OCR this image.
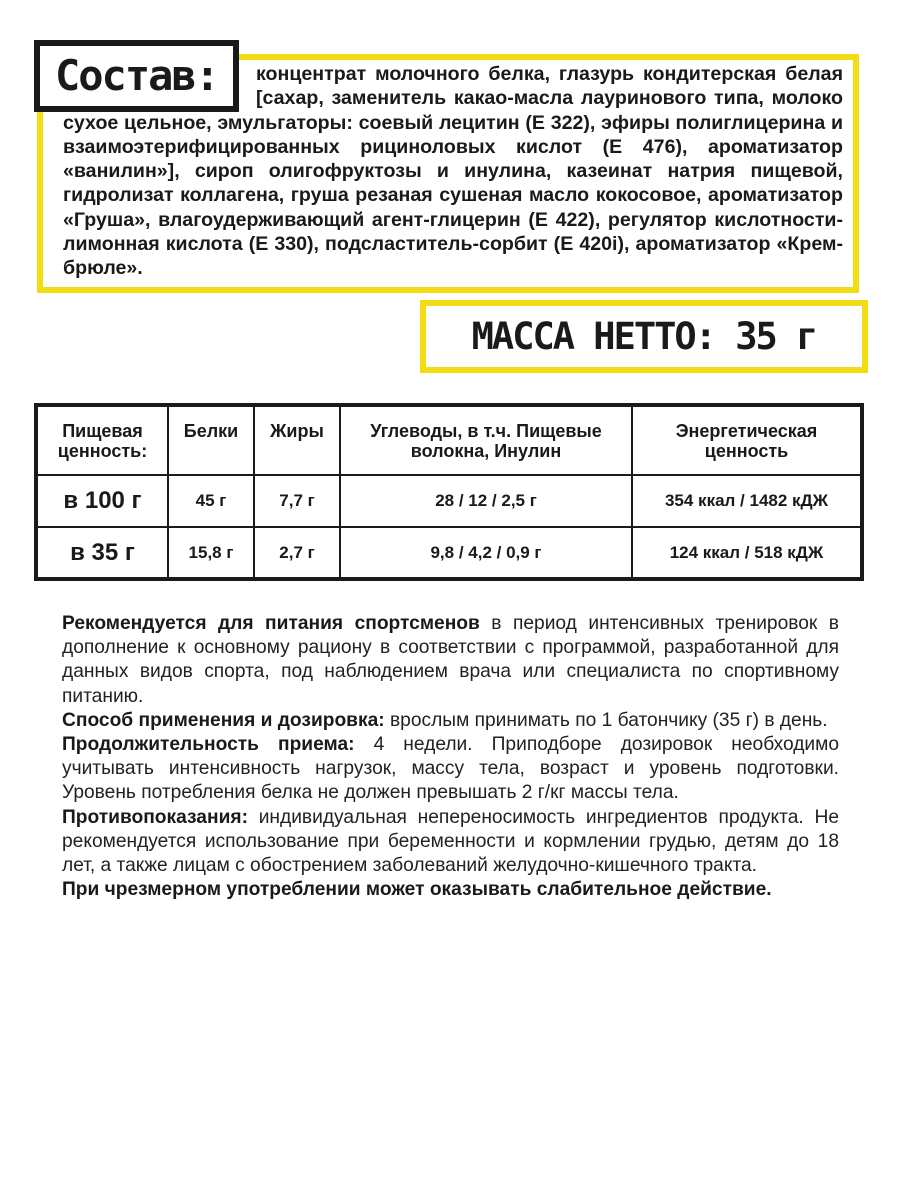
Состав:	концентрат молочного белка, глазурь кондитерская белая [сахар, заменитель какао-масла лауринового типа, молоко сухое цельное, эмульгаторы: соевый лецитин (Е 322), эфиры полиглицерина и взаимоэтерифицированных рициноловых кислот (Е 476), ароматизатор «ванилин»], сироп олигофруктозы и инулина, казеинат натрия пищевой, гидролизат коллагена, груша резаная сушеная масло кокосовое, ароматизатор «Груша», влагоудерживающий агент-глицерин (Е 422), регулятор кислотности-лимонная кислота (Е 330), подсластитель-сорбит (Е 420i), ароматизатор «Крем-брюле».
МАССА НЕТТО: 35 г
Пищевая ценность:	Белки	Жиры	Углеводы, в т.ч. Пищевые волокна, Инулин	Энергетическая ценность
в 100 г	45 г	7,7 г	28 / 12 / 2,5 г	354 ккал / 1482 кДЖ
в 35 г	15,8 г	2,7 г	9,8 / 4,2 / 0,9 г	124 ккал / 518 кДЖ

Рекомендуется для питания спортсменов в период интенсивных тренировок в дополнение к основному рациону в соответствии с программой, разработанной для данных видов спорта, под наблюдением врача или специалиста по спортивному питанию.

Способ применения и дозировка: врослым принимать по 1 батончику (35 г) в день.

Продолжительность приема: 4 недели. Приподборе дозировок необходимо учитывать интенсивность нагрузок, массу тела, возраст и уровень подготовки. Уровень потребления белка не должен превышать 2 г/кг массы тела.

Противопоказания: индивидуальная непереносимость ингредиентов продукта. Не рекомендуется использование при беременности и кормлении грудью, детям до 18 лет, а также лицам с обострением заболеваний желудочно-кишечного тракта.

При чрезмерном употреблении может оказывать слабительное действие.
